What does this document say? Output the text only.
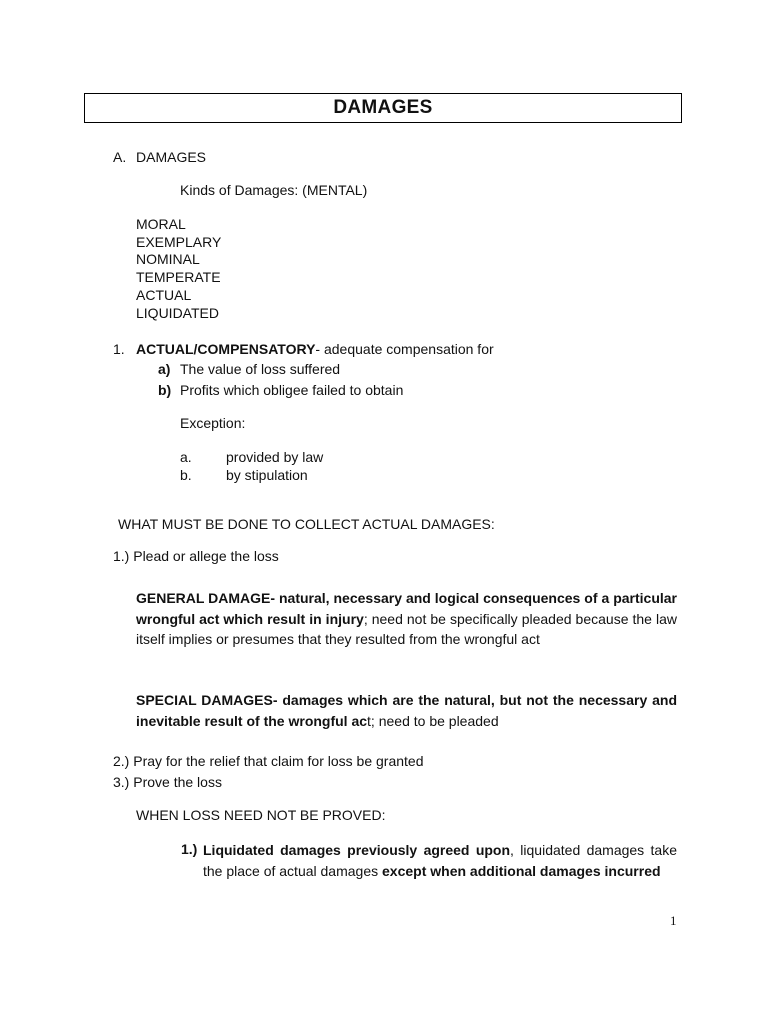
DAMAGES
A. DAMAGES
Kinds of Damages: (MENTAL)
MORAL
EXEMPLARY
NOMINAL
TEMPERATE
ACTUAL
LIQUIDATED
1. ACTUAL/COMPENSATORY- adequate compensation for
a) The value of loss suffered
b) Profits which obligee failed to obtain
Exception:
a. provided by law
b. by stipulation
WHAT MUST BE DONE TO COLLECT ACTUAL DAMAGES:
1.) Plead or allege the loss
GENERAL DAMAGE- natural, necessary and logical consequences of a particular wrongful act which result in injury; need not be specifically pleaded because the law itself implies or presumes that they resulted from the wrongful act
SPECIAL DAMAGES- damages which are the natural, but not the necessary and inevitable result of the wrongful act; need to be pleaded
2.) Pray for the relief that claim for loss be granted
3.) Prove the loss
WHEN LOSS NEED NOT BE PROVED:
1.) Liquidated damages previously agreed upon, liquidated damages take the place of actual damages except when additional damages incurred
1
